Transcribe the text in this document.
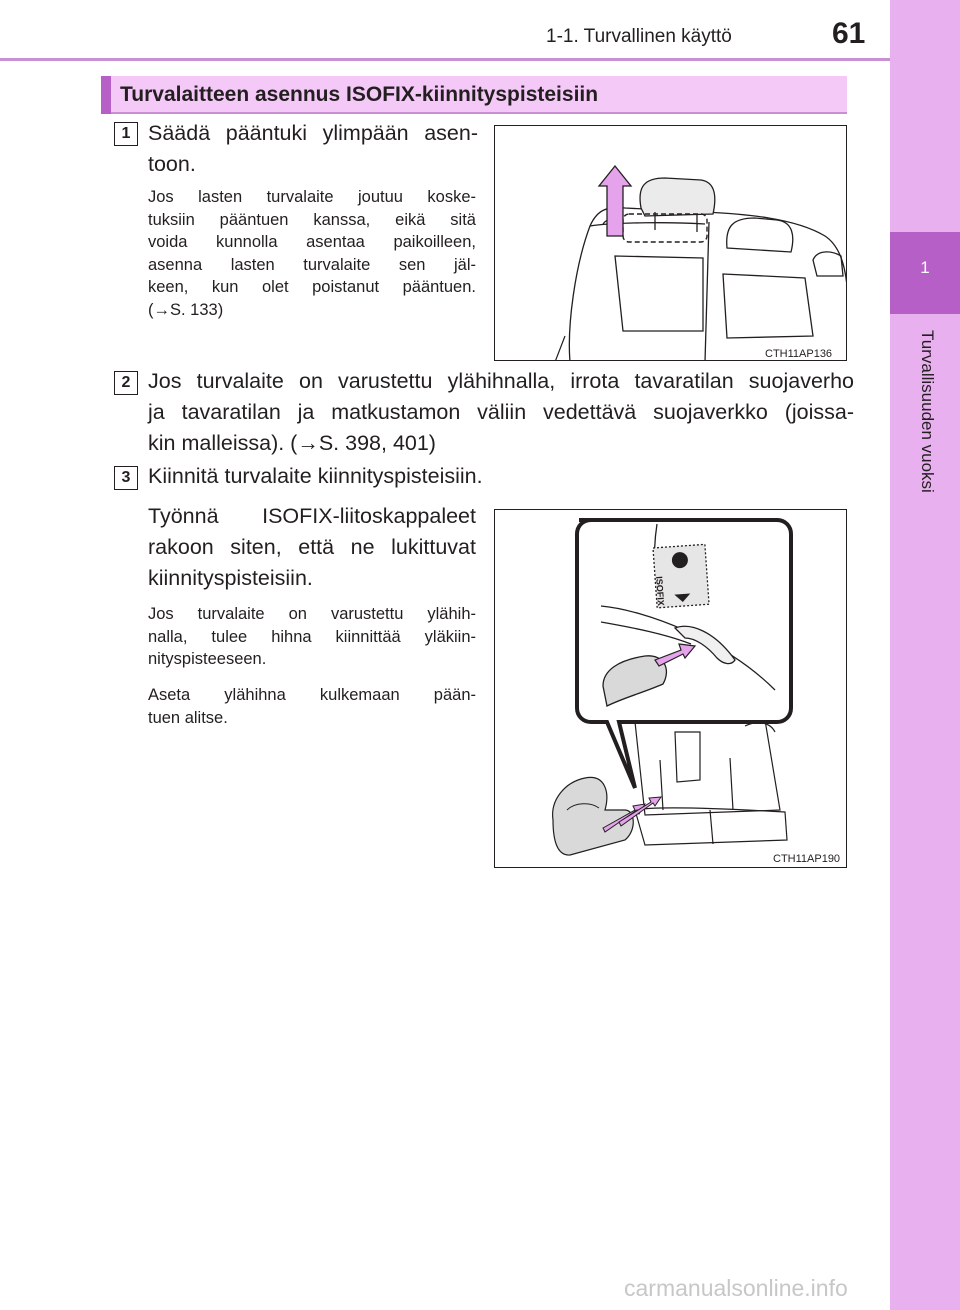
1-1. Turvallinen käyttö	61
1
Turvallisuuden vuoksi
Turvalaitteen asennus ISOFIX-kiinnityspisteisiin
1 Säädä pääntuki ylimpään asen-
toon.
Jos lasten turvalaite joutuu koske-
tuksiin pääntuen kanssa, eikä sitä
voida kunnolla asentaa paikoilleen,
asenna lasten turvalaite sen jäl-
keen, kun olet poistanut pääntuen.
(→S. 133)
CTH11AP136
2 Jos turvalaite on varustettu ylähihnalla, irrota tavaratilan suojaverho
ja tavaratilan ja matkustamon väliin vedettävä suojaverkko (joissa-
kin malleissa). (→S. 398, 401)
3 Kiinnitä turvalaite kiinnityspisteisiin.
Työnnä ISOFIX-liitoskappaleet
rakoon siten, että ne lukittuvat
kiinnityspisteisiin.
Jos turvalaite on varustettu ylähih-
nalla, tulee hihna kiinnittää yläkiin-
nityspisteeseen.
Aseta ylähihna kulkemaan pään-
tuen alitse.
ISOFIX
CTH11AP190
carmanualsonline.info
